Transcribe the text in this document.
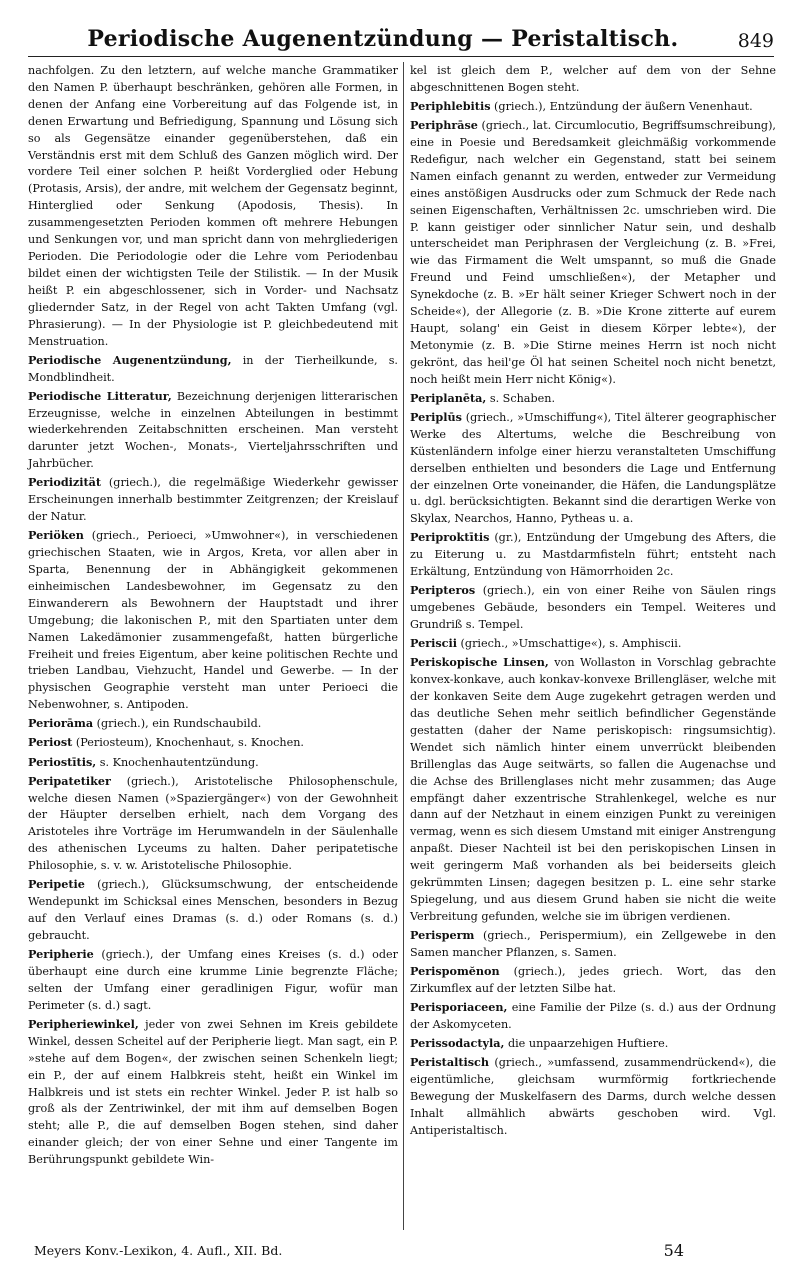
Periodische Augenentzündung — Peristaltisch.	849
nachfolgen. Zu den letztern, auf welche manche Grammatiker den Namen P. überhaupt beschränken, gehören alle Formen, in denen der Anfang eine Vorbereitung auf das Folgende ist, in denen Erwartung und Befriedigung, Spannung und Lösung sich so als Gegensätze einander gegenüberstehen, daß ein Verständnis erst mit dem Schluß des Ganzen möglich wird. Der vordere Teil einer solchen P. heißt Vorderglied oder Hebung (Protasis, Arsis), der andre, mit welchem der Gegensatz beginnt, Hinterglied oder Senkung (Apodosis, Thesis). In zusammengesetzten Perioden kommen oft mehrere Hebungen und Senkungen vor, und man spricht dann von mehrgliederigen Perioden. Die Periodologie oder die Lehre vom Periodenbau bildet einen der wichtigsten Teile der Stilistik. — In der Musik heißt P. ein abgeschlossener, sich in Vorder- und Nachsatz gliedernder Satz, in der Regel von acht Takten Umfang (vgl. Phrasierung). — In der Physiologie ist P. gleichbedeutend mit Menstruation.
Periodische Augenentzündung, in der Tierheilkunde, s. Mondblindheit.
Periodische Litteratur, Bezeichnung derjenigen litterarischen Erzeugnisse, welche in einzelnen Abteilungen in bestimmt wiederkehrenden Zeitabschnitten erscheinen. Man versteht darunter jetzt Wochen-, Monats-, Vierteljahrsschriften und Jahrbücher.
Periodizität (griech.), die regelmäßige Wiederkehr gewisser Erscheinungen innerhalb bestimmter Zeitgrenzen; der Kreislauf der Natur.
Periöken (griech., Perioeci, »Umwohner«), in verschiedenen griechischen Staaten, wie in Argos, Kreta, vor allen aber in Sparta, Benennung der in Abhängigkeit gekommenen einheimischen Landesbewohner, im Gegensatz zu den Einwanderern als Bewohnern der Hauptstadt und ihrer Umgebung; die lakonischen P., mit den Spartiaten unter dem Namen Lakedämonier zusammengefaßt, hatten bürgerliche Freiheit und freies Eigentum, aber keine politischen Rechte und trieben Landbau, Viehzucht, Handel und Gewerbe. — In der physischen Geographie versteht man unter Perioeci die Nebenwohner, s. Antipoden.
Periorāma (griech.), ein Rundschaubild.
Periost (Periosteum), Knochenhaut, s. Knochen.
Periostītis, s. Knochenhautentzündung.
Peripatetiker (griech.), Aristotelische Philosophenschule, welche diesen Namen (»Spaziergänger«) von der Gewohnheit der Häupter derselben erhielt, nach dem Vorgang des Aristoteles ihre Vorträge im Herumwandeln in der Säulenhalle des athenischen Lyceums zu halten. Daher peripatetische Philosophie, s. v. w. Aristotelische Philosophie.
Peripetie (griech.), Glücksumschwung, der entscheidende Wendepunkt im Schicksal eines Menschen, besonders in Bezug auf den Verlauf eines Dramas (s. d.) oder Romans (s. d.) gebraucht.
Peripherie (griech.), der Umfang eines Kreises (s. d.) oder überhaupt eine durch eine krumme Linie begrenzte Fläche; selten der Umfang einer geradlinigen Figur, wofür man Perimeter (s. d.) sagt.
Peripheriewinkel, jeder von zwei Sehnen im Kreis gebildete Winkel, dessen Scheitel auf der Peripherie liegt. Man sagt, ein P. »stehe auf dem Bogen«, der zwischen seinen Schenkeln liegt; ein P., der auf einem Halbkreis steht, heißt ein Winkel im Halbkreis und ist stets ein rechter Winkel. Jeder P. ist halb so groß als der Zentriwinkel, der mit ihm auf demselben Bogen steht; alle P., die auf demselben Bogen stehen, sind daher einander gleich; der von einer Sehne und einer Tangente im Berührungspunkt gebildete Win-
kel ist gleich dem P., welcher auf dem von der Sehne abgeschnittenen Bogen steht.
Periphlebitis (griech.), Entzündung der äußern Venenhaut.
Periphrāse (griech., lat. Circumlocutio, Begriffsumschreibung), eine in Poesie und Beredsamkeit gleichmäßig vorkommende Redefigur, nach welcher ein Gegenstand, statt bei seinem Namen einfach genannt zu werden, entweder zur Vermeidung eines anstößigen Ausdrucks oder zum Schmuck der Rede nach seinen Eigenschaften, Verhältnissen 2c. umschrieben wird. Die P. kann geistiger oder sinnlicher Natur sein, und deshalb unterscheidet man Periphrasen der Vergleichung (z. B. »Frei, wie das Firmament die Welt umspannt, so muß die Gnade Freund und Feind umschließen«), der Metapher und Synekdoche (z. B. »Er hält seiner Krieger Schwert noch in der Scheide«), der Allegorie (z. B. »Die Krone zitterte auf eurem Haupt, solang' ein Geist in diesem Körper lebte«), der Metonymie (z. B. »Die Stirne meines Herrn ist noch nicht gekrönt, das heil'ge Öl hat seinen Scheitel noch nicht benetzt, noch heißt mein Herr nicht König«).
Periplanēta, s. Schaben.
Periplūs (griech., »Umschiffung«), Titel älterer geographischer Werke des Altertums, welche die Beschreibung von Küstenländern infolge einer hierzu veranstalteten Umschiffung derselben enthielten und besonders die Lage und Entfernung der einzelnen Orte voneinander, die Häfen, die Landungsplätze u. dgl. berücksichtigten. Bekannt sind die derartigen Werke von Skylax, Nearchos, Hanno, Pytheas u. a.
Periproktītis (gr.), Entzündung der Umgebung des Afters, die zu Eiterung u. zu Mastdarmfisteln führt; entsteht nach Erkältung, Entzündung von Hämorrhoiden 2c.
Peripteros (griech.), ein von einer Reihe von Säulen rings umgebenes Gebäude, besonders ein Tempel. Weiteres und Grundriß s. Tempel.
Periscii (griech., »Umschattige«), s. Amphiscii.
Periskopische Linsen, von Wollaston in Vorschlag gebrachte konvex-konkave, auch konkav-konvexe Brillengläser, welche mit der konkaven Seite dem Auge zugekehrt getragen werden und das deutliche Sehen mehr seitlich befindlicher Gegenstände gestatten (daher der Name periskopisch: ringsumsichtig). Wendet sich nämlich hinter einem unverrückt bleibenden Brillenglas das Auge seitwärts, so fallen die Augenachse und die Achse des Brillenglases nicht mehr zusammen; das Auge empfängt daher exzentrische Strahlenkegel, welche es nur dann auf der Netzhaut in einem einzigen Punkt zu vereinigen vermag, wenn es sich diesem Umstand mit einiger Anstrengung anpaßt. Dieser Nachteil ist bei den periskopischen Linsen in weit geringerm Maß vorhanden als bei beiderseits gleich gekrümmten Linsen; dagegen besitzen p. L. eine sehr starke Spiegelung, und aus diesem Grund haben sie nicht die weite Verbreitung gefunden, welche sie im übrigen verdienen.
Perisperm (griech., Perispermium), ein Zellgewebe in den Samen mancher Pflanzen, s. Samen.
Perispomĕnon (griech.), jedes griech. Wort, das den Zirkumflex auf der letzten Silbe hat.
Perisporiaceen, eine Familie der Pilze (s. d.) aus der Ordnung der Askomyceten.
Perissodactyla, die unpaarzehigen Huftiere.
Peristaltisch (griech., »umfassend, zusammendrückend«), die eigentümliche, gleichsam wurmförmig fortkriechende Bewegung der Muskelfasern des Darms, durch welche dessen Inhalt allmählich abwärts geschoben wird. Vgl. Antiperistaltisch.
Meyers Konv.-Lexikon, 4. Aufl., XII. Bd.	54
